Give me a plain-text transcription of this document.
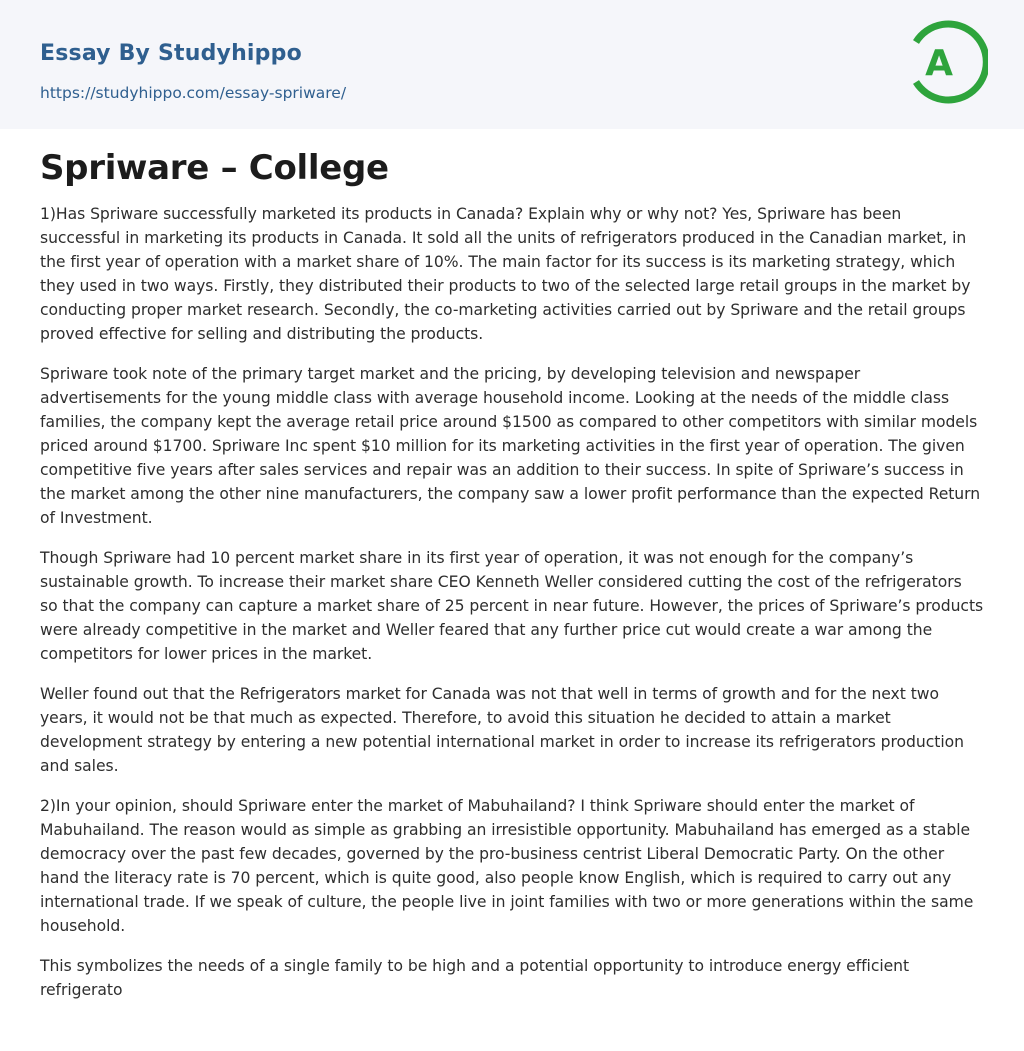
Essay By Studyhippo
https://studyhippo.com/essay-spriware/
A
Spriware – College

1)Has Spriware successfully marketed its products in Canada? Explain why or why not? Yes, Spriware has been successful in marketing its products in Canada. It sold all the units of refrigerators produced in the Canadian market, in the first year of operation with a market share of 10%. The main factor for its success is its marketing strategy, which they used in two ways. Firstly, they distributed their products to two of the selected large retail groups in the market by conducting proper market research. Secondly, the co-marketing activities carried out by Spriware and the retail groups proved effective for selling and distributing the products.

Spriware took note of the primary target market and the pricing, by developing television and newspaper advertisements for the young middle class with average household income. Looking at the needs of the middle class families, the company kept the average retail price around $1500 as compared to other competitors with similar models priced around $1700. Spriware Inc spent $10 million for its marketing activities in the first year of operation. The given competitive five years after sales services and repair was an addition to their success. In spite of Spriware’s success in the market among the other nine manufacturers, the company saw a lower profit performance than the expected Return of Investment.

Though Spriware had 10 percent market share in its first year of operation, it was not enough for the company’s sustainable growth. To increase their market share CEO Kenneth Weller considered cutting the cost of the refrigerators so that the company can capture a market share of 25 percent in near future. However, the prices of Spriware’s products were already competitive in the market and Weller feared that any further price cut would create a war among the competitors for lower prices in the market.

Weller found out that the Refrigerators market for Canada was not that well in terms of growth and for the next two years, it would not be that much as expected. Therefore, to avoid this situation he decided to attain a market development strategy by entering a new potential international market in order to increase its refrigerators production and sales.

2)In your opinion, should Spriware enter the market of Mabuhailand? I think Spriware should enter the market of Mabuhailand. The reason would as simple as grabbing an irresistible opportunity. Mabuhailand has emerged as a stable democracy over the past few decades, governed by the pro-business centrist Liberal Democratic Party. On the other hand the literacy rate is 70 percent, which is quite good, also people know English, which is required to carry out any international trade. If we speak of culture, the people live in joint families with two or more generations within the same household.

This symbolizes the needs of a single family to be high and a potential opportunity to introduce energy efficient refrigerato
